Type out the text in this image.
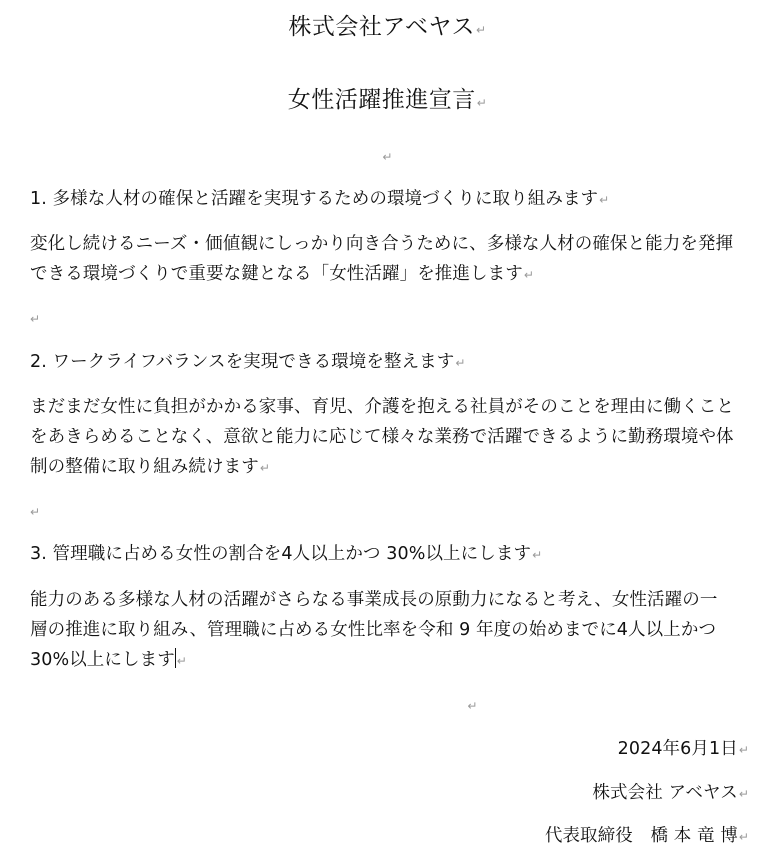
株式会社アベヤス↵
女性活躍推進宣言↵
↵
1. 多様な人材の確保と活躍を実現するための環境づくりに取り組みます↵
変化し続けるニーズ・価値観にしっかり向き合うために、多様な人材の確保と能力を発揮
できる環境づくりで重要な鍵となる「女性活躍」を推進します↵
↵
2. ワークライフバランスを実現できる環境を整えます↵
まだまだ女性に負担がかかる家事、育児、介護を抱える社員がそのことを理由に働くこと
をあきらめることなく、意欲と能力に応じて様々な業務で活躍できるように勤務環境や体
制の整備に取り組み続けます↵
↵
3. 管理職に占める女性の割合を4人以上かつ 30%以上にします↵
能力のある多様な人材の活躍がさらなる事業成長の原動力になると考え、女性活躍の一
層の推進に取り組み、管理職に占める女性比率を令和 9 年度の始めまでに4人以上かつ
30%以上にします ↵
↵
2024年6月1日↵
株式会社 アベヤス↵
代表取締役　橋 本 竜 博↵
